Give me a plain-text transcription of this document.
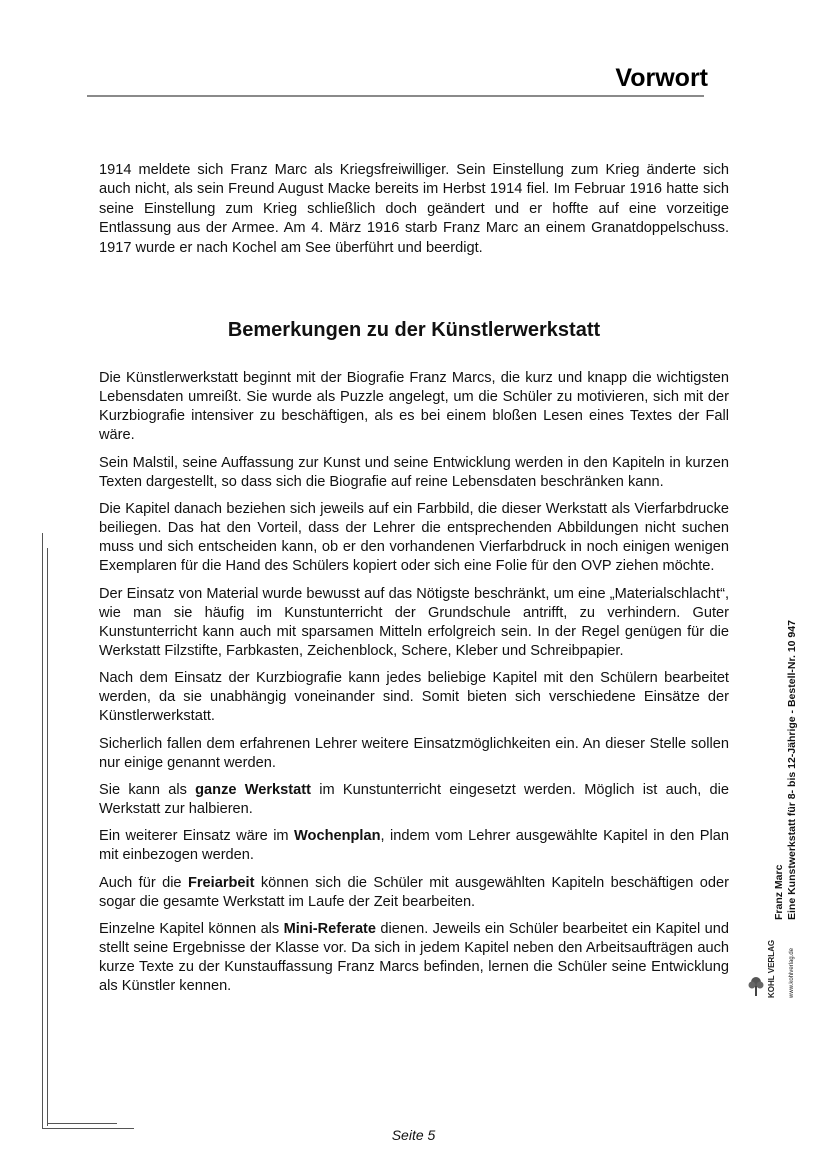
Vorwort

1914 meldete sich Franz Marc als Kriegsfreiwilliger. Sein Einstellung zum Krieg änderte sich auch nicht, als sein Freund August Macke bereits im Herbst 1914 fiel. Im Februar 1916 hatte sich seine Einstellung zum Krieg schließlich doch geändert und er hoffte auf eine vorzeitige Entlassung aus der Armee. Am 4. März 1916 starb Franz Marc an einem Granatdoppelschuss. 1917 wurde er nach Kochel am See überführt und beerdigt.

Bemerkungen zu der Künstlerwerkstatt

Die Künstlerwerkstatt beginnt mit der Biografie Franz Marcs, die kurz und knapp die wichtigsten Lebensdaten umreißt. Sie wurde als Puzzle angelegt, um die Schüler zu motivieren, sich mit der Kurzbiografie intensiver zu beschäftigen, als es bei einem bloßen Lesen eines Textes der Fall wäre.

Sein Malstil, seine Auffassung zur Kunst und seine Entwicklung werden in den Kapiteln in kurzen Texten dargestellt, so dass sich die Biografie auf reine Lebensdaten beschränken kann.

Die Kapitel danach beziehen sich jeweils auf ein Farbbild, die dieser Werkstatt als Vierfarbdrucke beiliegen. Das hat den Vorteil, dass der Lehrer die entsprechenden Abbildungen nicht suchen muss und sich entscheiden kann, ob er den vorhandenen Vierfarbdruck in noch einigen wenigen Exemplaren für die Hand des Schülers kopiert oder sich eine Folie für den OVP ziehen möchte.

Der Einsatz von Material wurde bewusst auf das Nötigste beschränkt, um eine „Materialschlacht“, wie man sie häufig im Kunstunterricht der Grundschule antrifft, zu verhindern. Guter Kunstunterricht kann auch mit sparsamen Mitteln erfolgreich sein. In der Regel genügen für die Werkstatt Filzstifte, Farbkasten, Zeichenblock, Schere, Kleber und Schreibpapier.

Nach dem Einsatz der Kurzbiografie kann jedes beliebige Kapitel mit den Schülern bearbeitet werden, da sie unabhängig voneinander sind. Somit bieten sich verschiedene Einsätze der Künstlerwerkstatt.

Sicherlich fallen dem erfahrenen Lehrer weitere Einsatzmöglichkeiten ein. An dieser Stelle sollen nur einige genannt werden.

Sie kann als ganze Werkstatt im Kunstunterricht eingesetzt werden. Möglich ist auch, die Werkstatt zur halbieren.

Ein weiterer Einsatz wäre im Wochenplan, indem vom Lehrer ausgewählte Kapitel in den Plan mit einbezogen werden.

Auch für die Freiarbeit können sich die Schüler mit ausgewählten Kapiteln beschäftigen oder sogar die gesamte Werkstatt im Laufe der Zeit bearbeiten.

Einzelne Kapitel können als Mini-Referate dienen. Jeweils ein Schüler bearbeitet ein Kapitel und stellt seine Ergebnisse der Klasse vor. Da sich in jedem Kapitel neben den Arbeitsaufträgen auch kurze Texte zu der Kunstauffassung Franz Marcs befinden, lernen die Schüler seine Entwicklung als Künstler kennen.

Franz Marc Eine Kunstwerkstatt für 8- bis 12-Jährige - Bestell-Nr. 10 947
KOHL VERLAG www.kohlverlag.de
Seite 5
